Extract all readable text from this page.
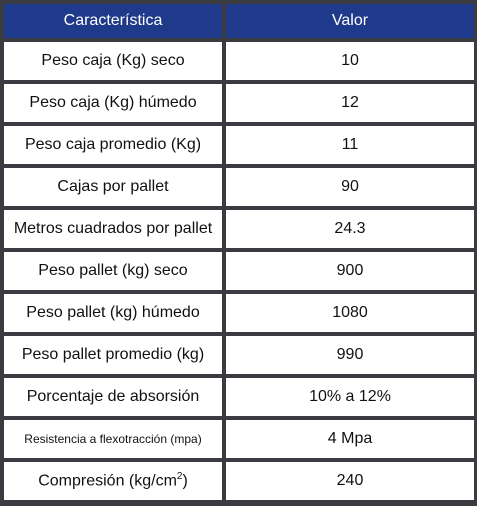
Característica	Valor
Peso caja (Kg) seco	10
Peso caja (Kg) húmedo	12
Peso caja promedio (Kg)	11
Cajas por pallet	90
Metros cuadrados por pallet	24.3
Peso pallet (kg) seco	900
Peso pallet (kg) húmedo	1080
Peso pallet promedio (kg)	990
Porcentaje de absorsión	10% a 12%
Resistencia a flexotracción (mpa)	4 Mpa
Compresión $(kg/cm^2)$	240
